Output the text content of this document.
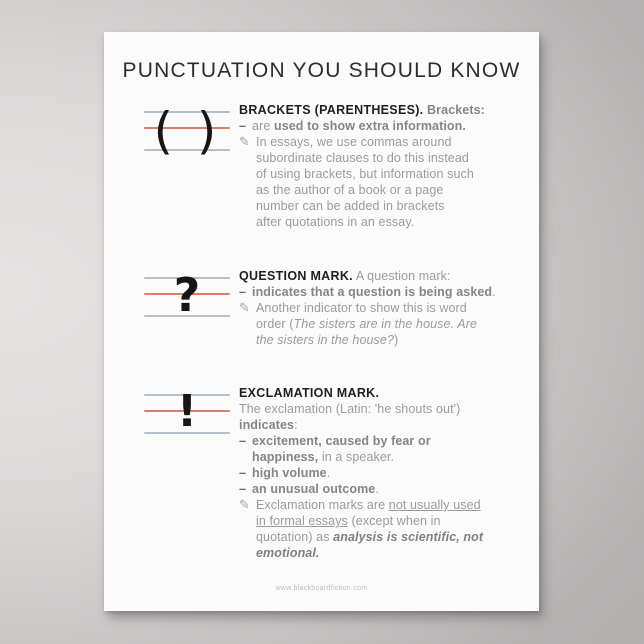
PUNCTUATION YOU SHOULD KNOW
( )	BRACKETS (PARENTHESES). Brackets:
– are used to show extra information.
✎ In essays, we use commas around
subordinate clauses to do this instead
of using brackets, but information such
as the author of a book or a page
number can be added in brackets
after quotations in an essay.
?	QUESTION MARK. A question mark:
– indicates that a question is being asked.
✎ Another indicator to show this is word
order (The sisters are in the house. Are
the sisters in the house?)
!	EXCLAMATION MARK.
The exclamation (Latin: 'he shouts out')
indicates:
– excitement, caused by fear or
happiness, in a speaker.
– high volume.
– an unusual outcome.
✎ Exclamation marks are not usually used
in formal essays (except when in
quotation) as analysis is scientific, not
emotional.
www.blackboardfiction.com
